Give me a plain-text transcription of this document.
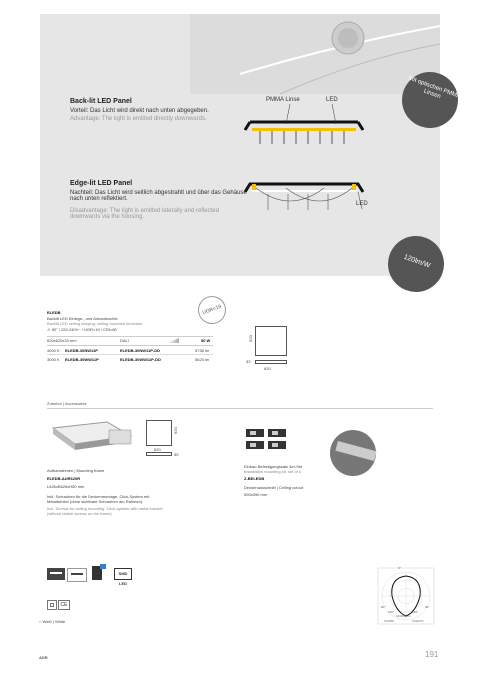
Back-lit LED Panel
Vorteil: Das Licht wird direkt nach unten abgegeben.
Advantage: The light is emitted directly downwards.
PMMA Linse	LED
Edge-lit LED Panel
Nachteil: Das Licht wird seitlich abgestrahlt und über das Gehäuse nach unten reflektiert.
Disadvantage: The light is emitted laterally and reflected downwards via the housing.
LED
Mit optischen PMMA Linsen
120lm/W
UGR<19
ELEDB
Backlit LED Einlege-, und Anbauleuchte
Backlit LED ceiling inlaying, ceiling mounted luminaire
⚠ 90° / 220-240V~ / UGR<19 / CRI>80
620x620x33 mm	DALI	50 W
4000 K ELEDB-30NW11P	ELEDB-30NW11P-DD	5736 lm
3000 K ELEDB-30WW11P	ELEDB-30WW11P-DD	5624 lm
620
620
33
Zubehör | Accessories
620
620
50
Aufbaurahmen | Mounting frame
ELEDB-AUR620R
L626xB626xH50 mm
Inkl. Schrauben für die Deckenmontage. Click-System mit Metallwinkel (ohne sichtbare Schrauben am Rahmen).
Incl. Screws for ceiling mounting. Click-system with metal bracket (without visible screws on the frame).
Einbau Befestigungssatz 4er-Set
Installation mounting kit, set of 4
Z-BELEDB
Deckenausschnitt | Ceiling cutout
590x590 mm
SMD LED
CE
○ Weiß | White
0°
-90°	90°
180°	180°
cd/1000 lm
C0/180	C90/270
ADR	191
